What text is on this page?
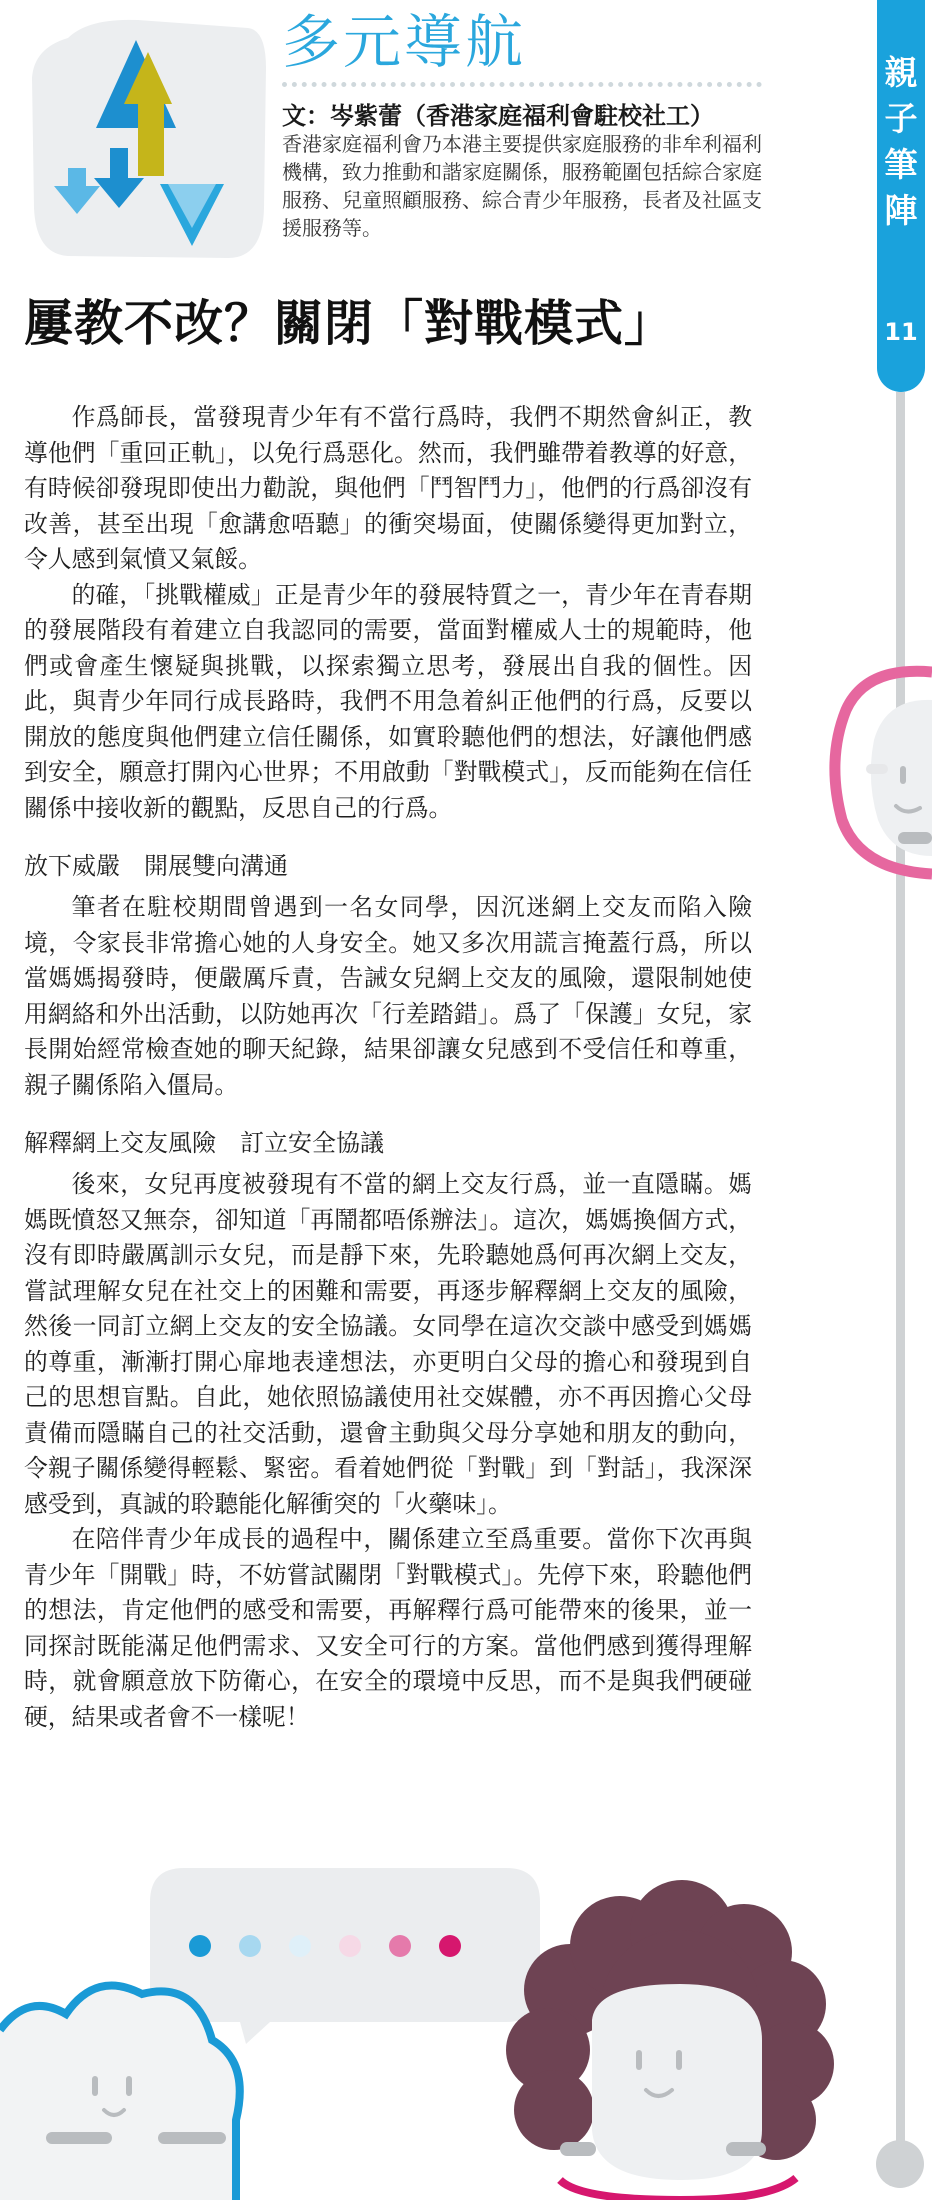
多元導航
文：岑紫蕾（香港家庭福利會駐校社工）
香港家庭福利會乃本港主要提供家庭服務的非牟利福利機構，致力推動和諧家庭關係，服務範圍包括綜合家庭服務、兒童照顧服務、綜合青少年服務，長者及社區支援服務等。
親子筆陣
11
屢教不改？關閉「對戰模式」

作爲師長，當發現青少年有不當行爲時，我們不期然會糾正，教導他們「重回正軌」，以免行爲惡化。然而，我們雖帶着教導的好意，有時候卻發現即使出力勸說，與他們「鬥智鬥力」，他們的行爲卻沒有改善，甚至出現「愈講愈唔聽」的衝突場面，使關係變得更加對立，令人感到氣憤又氣餒。

的確，「挑戰權威」正是青少年的發展特質之一，青少年在青春期的發展階段有着建立自我認同的需要，當面對權威人士的規範時，他們或會產生懷疑與挑戰，以探索獨立思考，發展出自我的個性。因此，與青少年同行成長路時，我們不用急着糾正他們的行爲，反要以開放的態度與他們建立信任關係，如實聆聽他們的想法，好讓他們感到安全，願意打開內心世界；不用啟動「對戰模式」，反而能夠在信任關係中接收新的觀點，反思自己的行爲。

放下威嚴　開展雙向溝通

筆者在駐校期間曾遇到一名女同學，因沉迷網上交友而陷入險境，令家長非常擔心她的人身安全。她又多次用謊言掩蓋行爲，所以當媽媽揭發時，便嚴厲斥責，告誡女兒網上交友的風險，還限制她使用網絡和外出活動，以防她再次「行差踏錯」。爲了「保護」女兒，家長開始經常檢查她的聊天紀錄，結果卻讓女兒感到不受信任和尊重，親子關係陷入僵局。

解釋網上交友風險　訂立安全協議

後來，女兒再度被發現有不當的網上交友行爲，並一直隱瞞。媽媽既憤怒又無奈，卻知道「再鬧都唔係辦法」。這次，媽媽換個方式，沒有即時嚴厲訓示女兒，而是靜下來，先聆聽她爲何再次網上交友，嘗試理解女兒在社交上的困難和需要，再逐步解釋網上交友的風險，然後一同訂立網上交友的安全協議。女同學在這次交談中感受到媽媽的尊重，漸漸打開心扉地表達想法，亦更明白父母的擔心和發現到自己的思想盲點。自此，她依照協議使用社交媒體，亦不再因擔心父母責備而隱瞞自己的社交活動，還會主動與父母分享她和朋友的動向，令親子關係變得輕鬆、緊密。看着她們從「對戰」到「對話」，我深深感受到，真誠的聆聽能化解衝突的「火藥味」。

在陪伴青少年成長的過程中，關係建立至爲重要。當你下次再與青少年「開戰」時，不妨嘗試關閉「對戰模式」。先停下來，聆聽他們的想法，肯定他們的感受和需要，再解釋行爲可能帶來的後果，並一同探討既能滿足他們需求、又安全可行的方案。當他們感到獲得理解時，就會願意放下防衛心，在安全的環境中反思，而不是與我們硬碰硬，結果或者會不一樣呢！
